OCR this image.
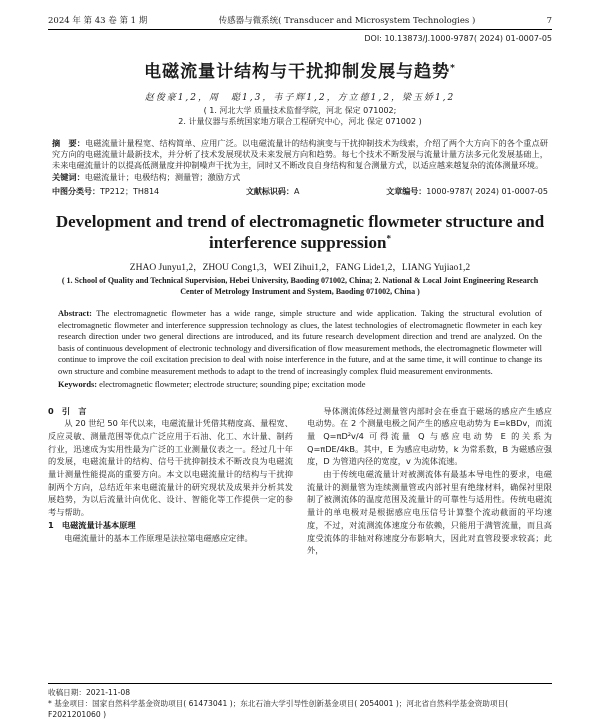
2024 年 第 43 卷 第 1 期	传感器与微系统( Transducer and Microsystem Technologies )	7
DOI: 10.13873/J.1000-9787( 2024) 01-0007-05
电磁流量计结构与干扰抑制发展与趋势*
赵俊豪1,2，周　聪1,3，韦子辉1,2，方立德1,2，梁玉娇1,2
( 1. 河北大学 质量技术监督学院，河北 保定 071002;
2. 计量仪器与系统国家地方联合工程研究中心，河北 保定 071002 )
摘　要：电磁流量计量程宽、结构简单、应用广泛。以电磁流量计的结构演变与干扰抑制技术为线索，介绍了两个大方向下的各个重点研究方向的电磁流量计最新技术，并分析了技术发展现状及未来发展方向和趋势。每七个技术不断发展与流量计量方法多元化发展基础上，未来电磁流量计的以提高低测量度并抑制噪声干扰为主，同时又不断改良自身结构和复合测量方式，以适应越来越复杂的流体测量环境。
关键词：电磁流量计；电极结构；测量管；激励方式
中图分类号：TP212；TH814	文献标识码：A	文章编号：1000-9787( 2024) 01-0007-05
Development and trend of electromagnetic flowmeter structure and interference suppression*
ZHAO Junyu1,2，ZHOU Cong1,3，WEI Zihui1,2，FANG Lide1,2，LIANG Yujiao1,2
( 1. School of Quality and Technical Supervision, Hebei University, Baoding 071002, China; 2. National & Local Joint Engineering Research Center of Metrology Instrument and System, Baoding 071002, China )
Abstract: The electromagnetic flowmeter has a wide range, simple structure and wide application. Taking the structural evolution of electromagnetic flowmeter and interference suppression technology as clues, the latest technologies of electromagnetic flowmeter in each key research direction under two general directions are introduced, and its future research development direction and trend are analyzed. On the basis of continuous development of electronic technology and diversification of flow measurement methods, the electromagnetic flowmeter will continue to improve the coil excitation precision to deal with noise interference in the future, and at the same time, it will continue to change its own structure and combine measurement methods to adapt to the trend of increasingly complex fluid measurement environments.
Keywords: electromagnetic flowmeter; electrode structure; sounding pipe; excitation mode

0　引　言

从 20 世纪 50 年代以来，电磁流量计凭借其精度高、量程宽、反应灵敏、测量范围等优点广泛应用于石油、化工、水计量、制药行业，迅速成为实用性最为广泛的工业测量仪表之一。经过几十年的发展，电磁流量计的结构、信号干扰抑制技术不断改良为电磁流量计测量性能提高的重要方向。本文以电磁流量计的结构与干扰抑制两个方向，总结近年来电磁流量计的研究现状及成果并分析其发展趋势，为以后流量计向优化、设计、智能化等工作提供一定的参考与帮助。

1　电磁流量计基本原理

电磁流量计的基本工作原理是法拉第电磁感应定律。

导体测流体经过测量管内部时会在垂直于磁场的感应产生感应电动势。在 2 个测量电极之间产生的感应电动势为 E=kBDv，而流量 Q=πD²v/4 可得流量 Q 与感应电动势 E 的关系为 Q=πDE/4kB。其中，E 为感应电动势，k 为常系数，B 为磁感应强度，D 为管道内径的宽度，v 为流体流速。

由于传统电磁流量计对被测流体有最基本导电性的要求，电磁流量计的测量管为连续测量管或内部衬里有绝缘材料，确保衬里限制了被测流体的温度范围及流量计的可靠性与适用性。传统电磁流量计的单电极对是根据感应电压信号计算整个流动截面的平均速度，不过，对流测流体速度分布依赖，只能用于满管流量，而且高度受流体的非轴对称速度分布影响大，因此对直管段要求较高；此外，

收稿日期：2021-11-08
* 基金项目：国家自然科学基金资助项目( 61473041 )；东北石油大学引导性创新基金项目( 2054001 )；河北省自然科学基金资助项目( F2021201060 )
